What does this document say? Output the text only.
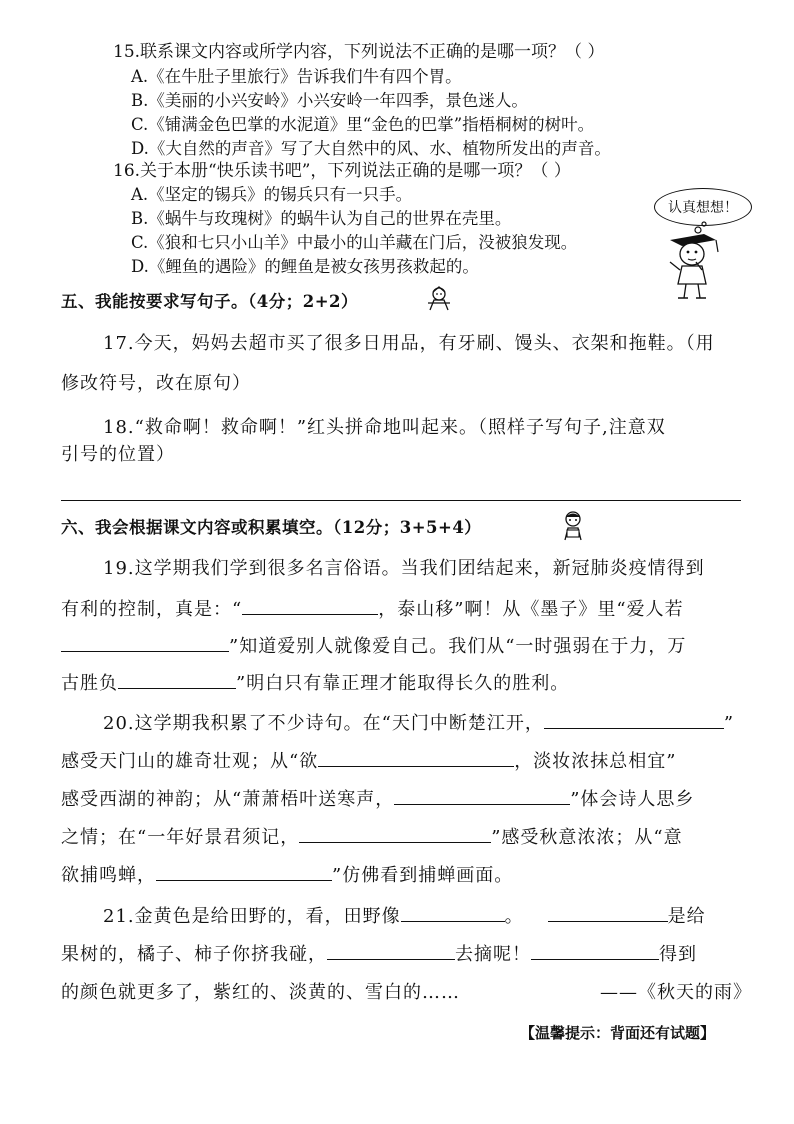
15.联系课文内容或所学内容，下列说法不正确的是哪一项？（ ）
A.《在牛肚子里旅行》告诉我们牛有四个胃。
B.《美丽的小兴安岭》小兴安岭一年四季，景色迷人。
C.《铺满金色巴掌的水泥道》里“金色的巴掌”指梧桐树的树叶。
D.《大自然的声音》写了大自然中的风、水、植物所发出的声音。
16.关于本册“快乐读书吧”，下列说法正确的是哪一项？（ ）
A.《坚定的锡兵》的锡兵只有一只手。
B.《蜗牛与玫瑰树》的蜗牛认为自己的世界在壳里。
C.《狼和七只小山羊》中最小的山羊藏在门后，没被狼发现。
D.《鲤鱼的遇险》的鲤鱼是被女孩男孩救起的。
认真想想！
五、我能按要求写句子。（4分；2+2）
17.今天，妈妈去超市买了很多日用品，有牙刷、馒头、衣架和拖鞋。（用
修改符号，改在原句）
18.“救命啊！救命啊！”红头拼命地叫起来。（照样子写句子,注意双
引号的位置）
六、我会根据课文内容或积累填空。（12分；3+5+4）
19.这学期我们学到很多名言俗语。当我们团结起来，新冠肺炎疫情得到
有利的控制，真是：“	，泰山移”啊！从《墨子》里“爱人若
”知道爱别人就像爱自己。我们从“一时强弱在于力，万
古胜负	”明白只有靠正理才能取得长久的胜利。
20.这学期我积累了不少诗句。在“天门中断楚江开，	”
感受天门山的雄奇壮观；从“欲	，淡妆浓抹总相宜”
感受西湖的神韵；从“萧萧梧叶送寒声，	”体会诗人思乡
之情；在“一年好景君须记，	”感受秋意浓浓；从“意
欲捕鸣蝉，	”仿佛看到捕蝉画面。
21.金黄色是给田野的，看，田野像	。	是给
果树的，橘子、柿子你挤我碰，	去摘呢！	得到
的颜色就更多了，紫红的、淡黄的、雪白的……	——《秋天的雨》
【温馨提示：背面还有试题】
